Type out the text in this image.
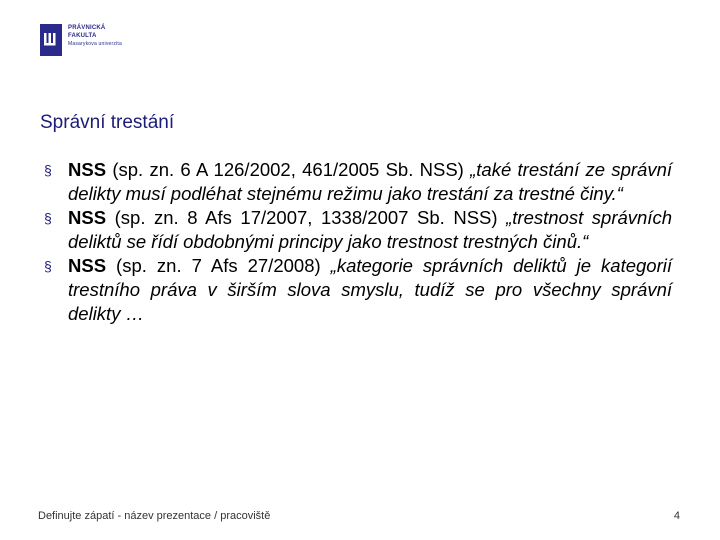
PRÁVNICKÁ
FAKULTA
Masarykova univerzita
Správní trestání
§ NSS (sp. zn. 6 A 126/2002, 461/2005 Sb. NSS) „také trestání ze správní delikty musí podléhat stejnému režimu jako trestání za trestné činy.“
§ NSS (sp. zn. 8 Afs 17/2007, 1338/2007 Sb. NSS) „trestnost správních deliktů se řídí obdobnými principy jako trestnost trestných činů.“
§ NSS (sp. zn. 7 Afs 27/2008) „kategorie správních deliktů je kategorií trestního práva v širším slova smyslu, tudíž se pro všechny správní delikty …
Definujte zápatí - název prezentace / pracoviště	4
